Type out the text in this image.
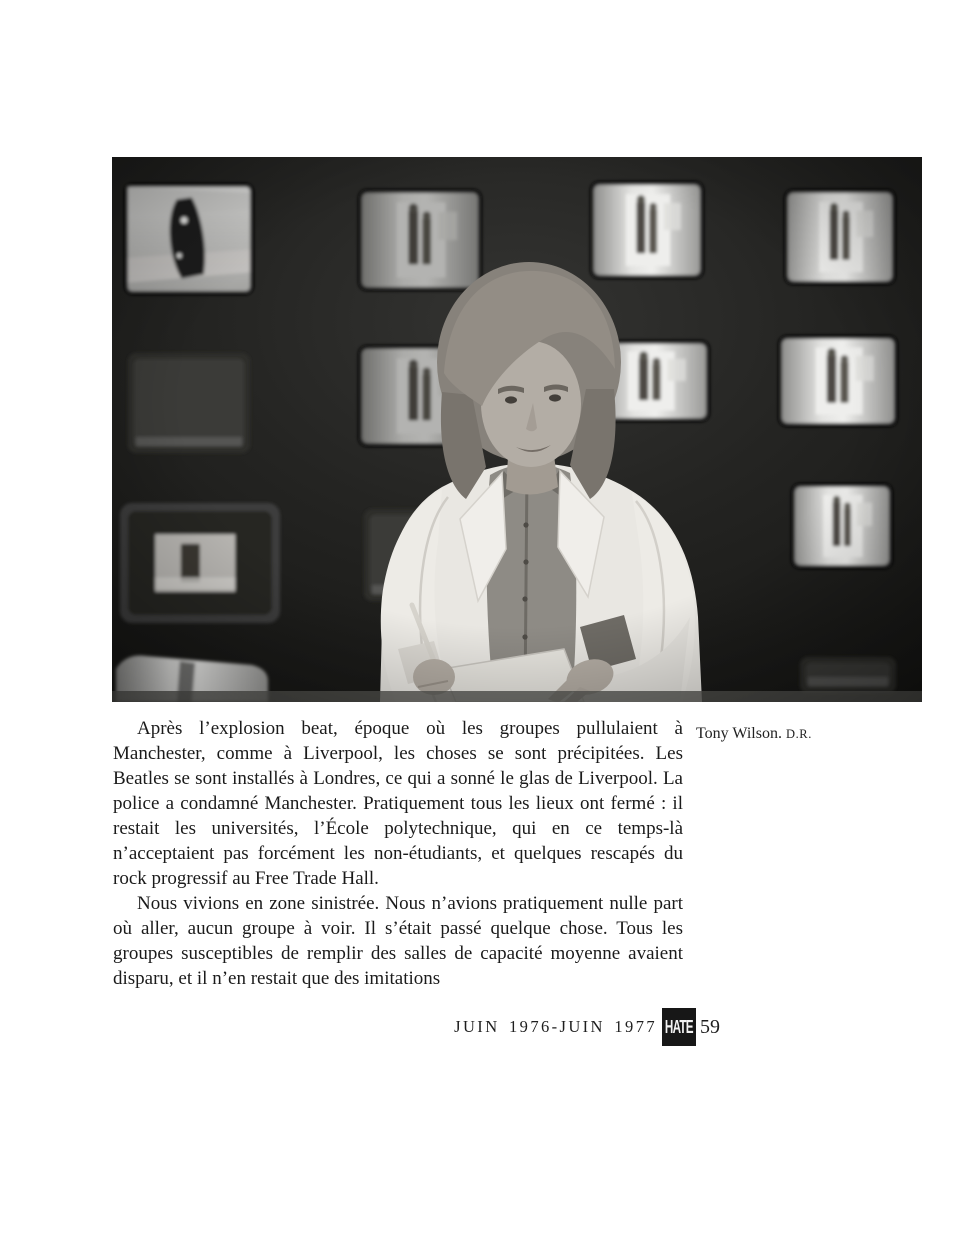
Tony Wilson. D.R.

Après l’explosion beat, époque où les groupes pullulaient à Manchester, comme à Liverpool, les choses se sont précipitées. Les Beatles se sont installés à Londres, ce qui a sonné le glas de Liverpool. La police a condamné Manchester. Pratiquement tous les lieux ont fermé : il restait les universités, l’École polytechnique, qui en ce temps-là n’acceptaient pas forcément les non-étudiants, et quelques rescapés du rock progressif au Free Trade Hall.

Nous vivions en zone sinistrée. Nous n’avions pratiquement nulle part où aller, aucun groupe à voir. Il s’était passé quelque chose. Tous les groupes susceptibles de remplir des salles de capacité moyenne avaient disparu, et il n’en restait que des imitations

JUIN 1976-JUIN 1977 HATE 59
